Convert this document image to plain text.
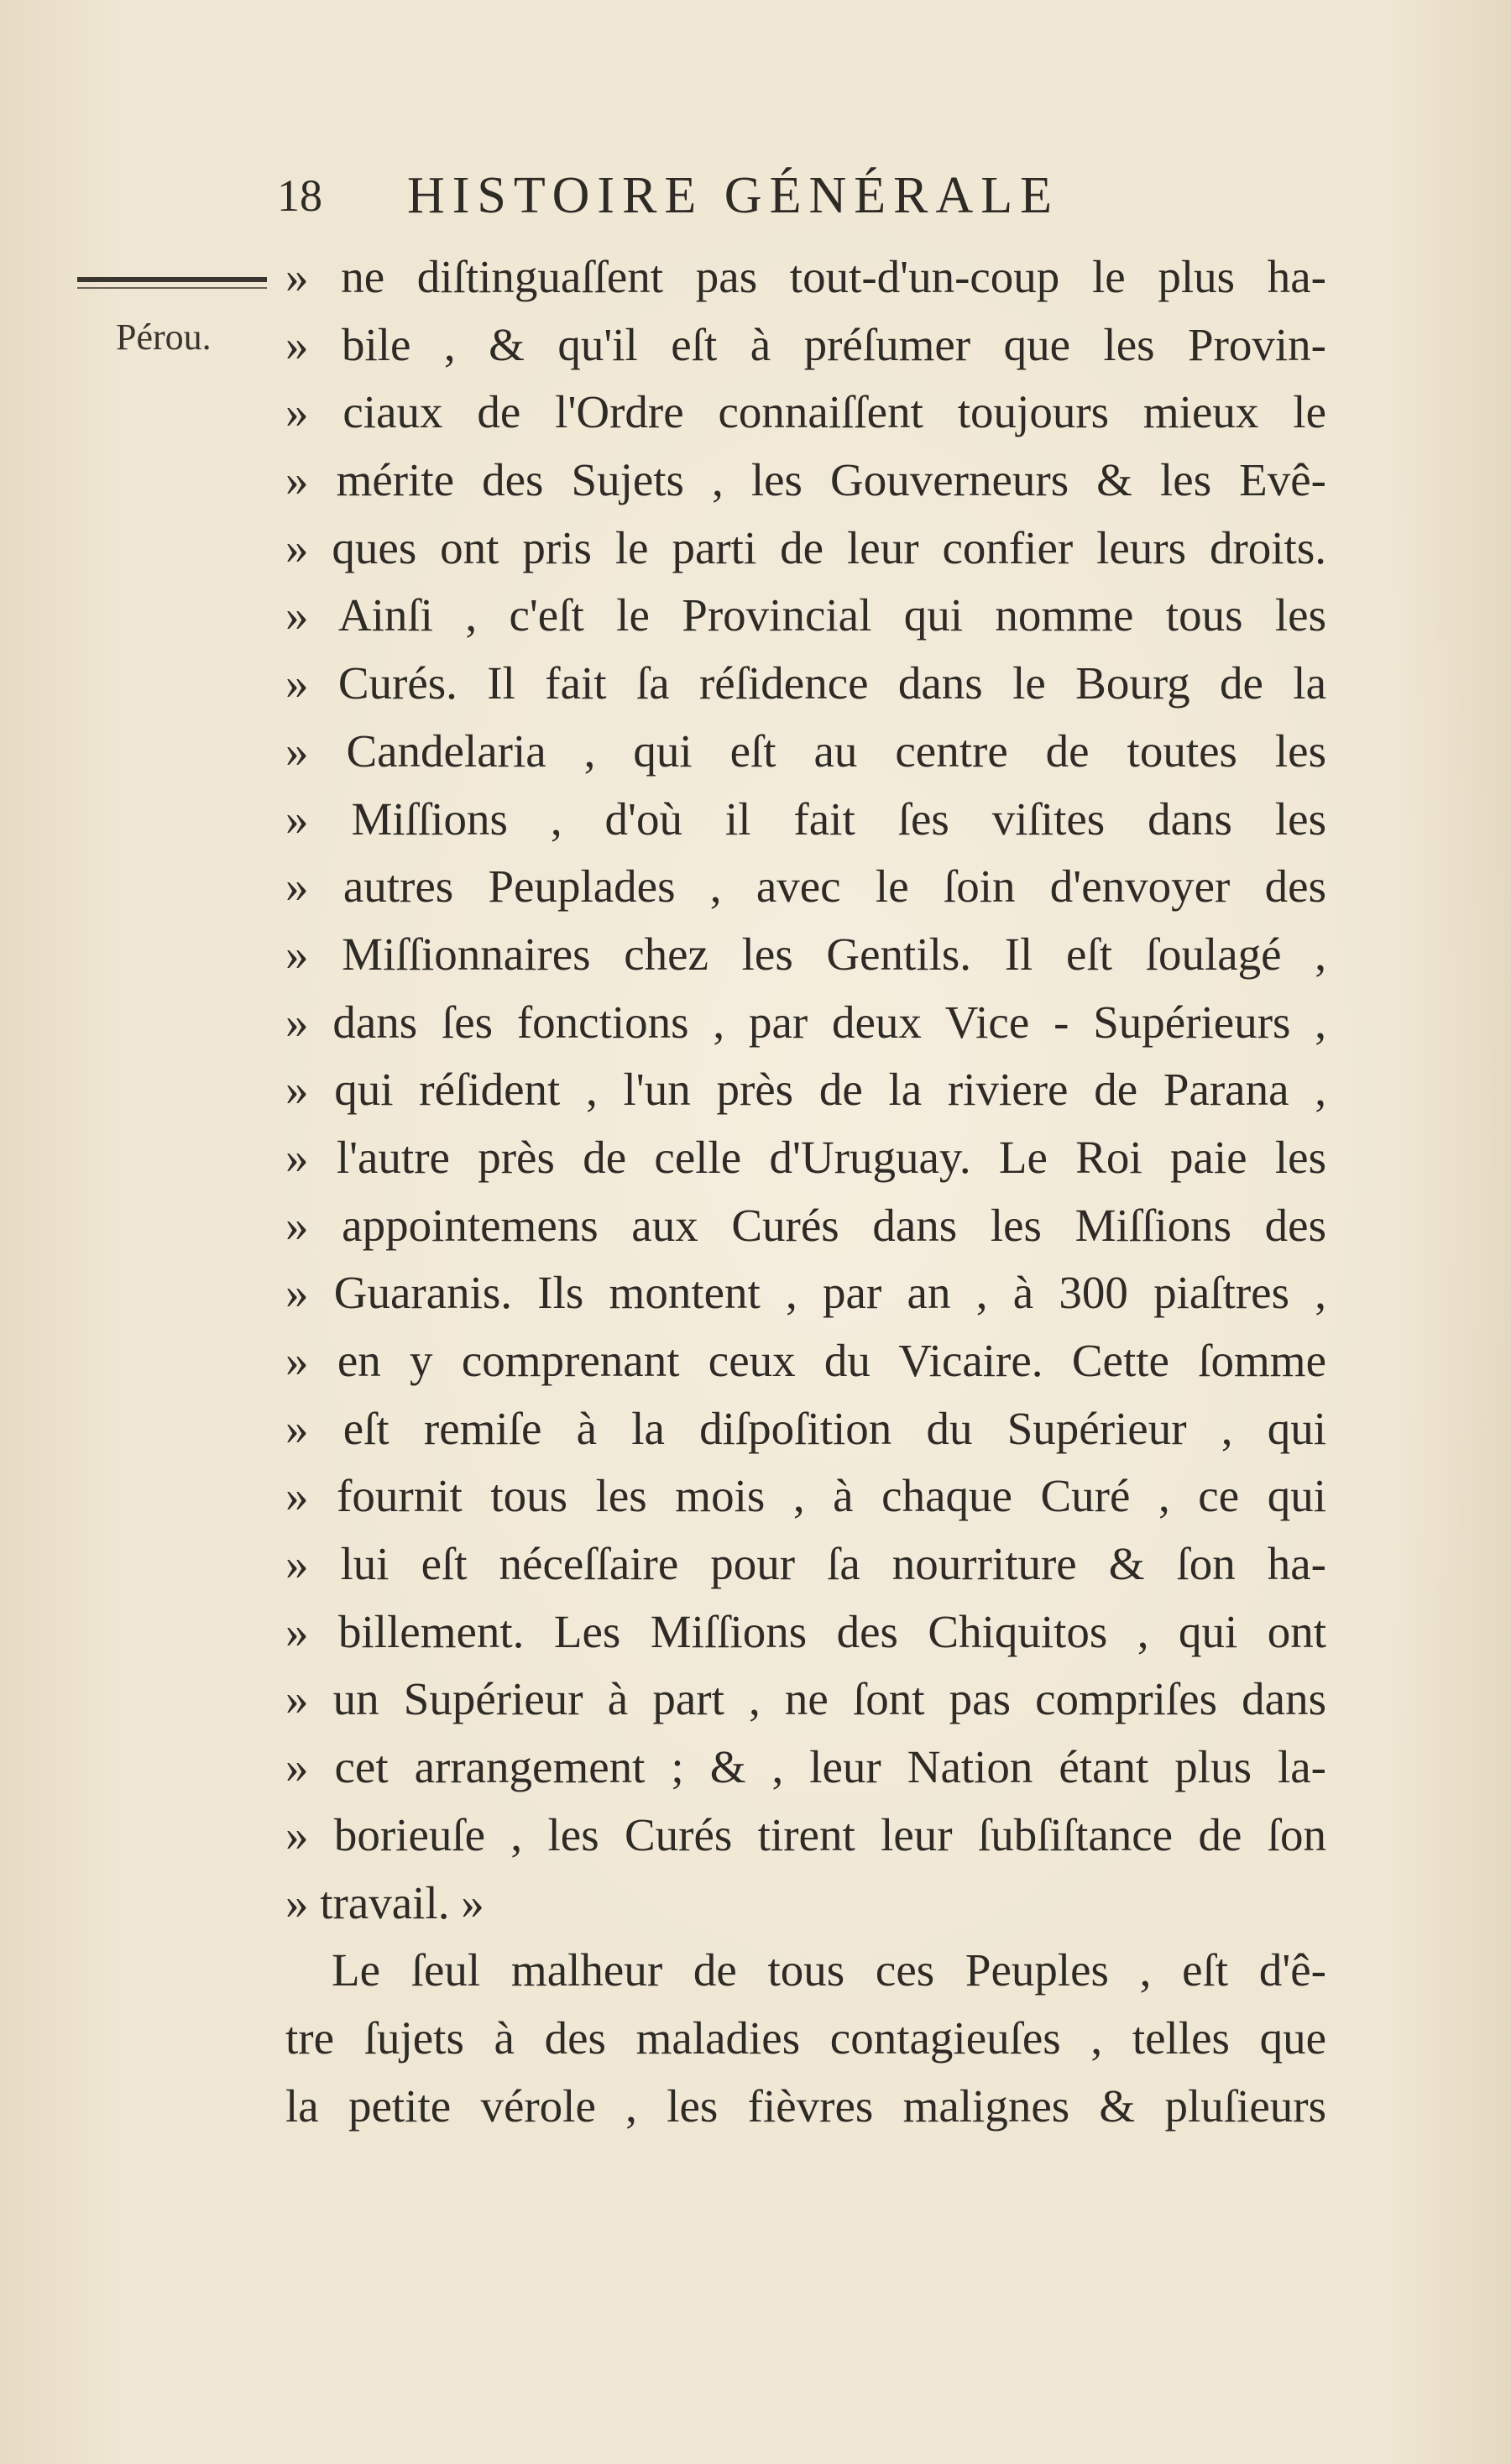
18 HISTOIRE GÉNÉRALE
Pérou.
» ne diſtinguaſſent pas tout-d'un-coup le plus ha-
» bile , & qu'il eſt à préſumer que les Provin-
» ciaux de l'Ordre connaiſſent toujours mieux le
» mérite des Sujets , les Gouverneurs & les Evê-
» ques ont pris le parti de leur confier leurs droits.
» Ainſi , c'eſt le Provincial qui nomme tous les
» Curés. Il fait ſa réſidence dans le Bourg de la
» Candelaria , qui eſt au centre de toutes les
» Miſſions , d'où il fait ſes viſites dans les
» autres Peuplades , avec le ſoin d'envoyer des
» Miſſionnaires chez les Gentils. Il eſt ſoulagé ,
» dans ſes fonctions , par deux Vice - Supérieurs ,
» qui réſident , l'un près de la riviere de Parana ,
» l'autre près de celle d'Uruguay. Le Roi paie les
» appointemens aux Curés dans les Miſſions des
» Guaranis. Ils montent , par an , à 300 piaſtres ,
» en y comprenant ceux du Vicaire. Cette ſomme
» eſt remiſe à la diſpoſition du Supérieur , qui
» fournit tous les mois , à chaque Curé , ce qui
» lui eſt néceſſaire pour ſa nourriture & ſon ha-
» billement. Les Miſſions des Chiquitos , qui ont
» un Supérieur à part , ne ſont pas compriſes dans
» cet arrangement ; & , leur Nation étant plus la-
» borieuſe , les Curés tirent leur ſubſiſtance de ſon
» travail. »
Le ſeul malheur de tous ces Peuples , eſt d'ê-
tre ſujets à des maladies contagieuſes , telles que
la petite vérole , les fièvres malignes & pluſieurs
